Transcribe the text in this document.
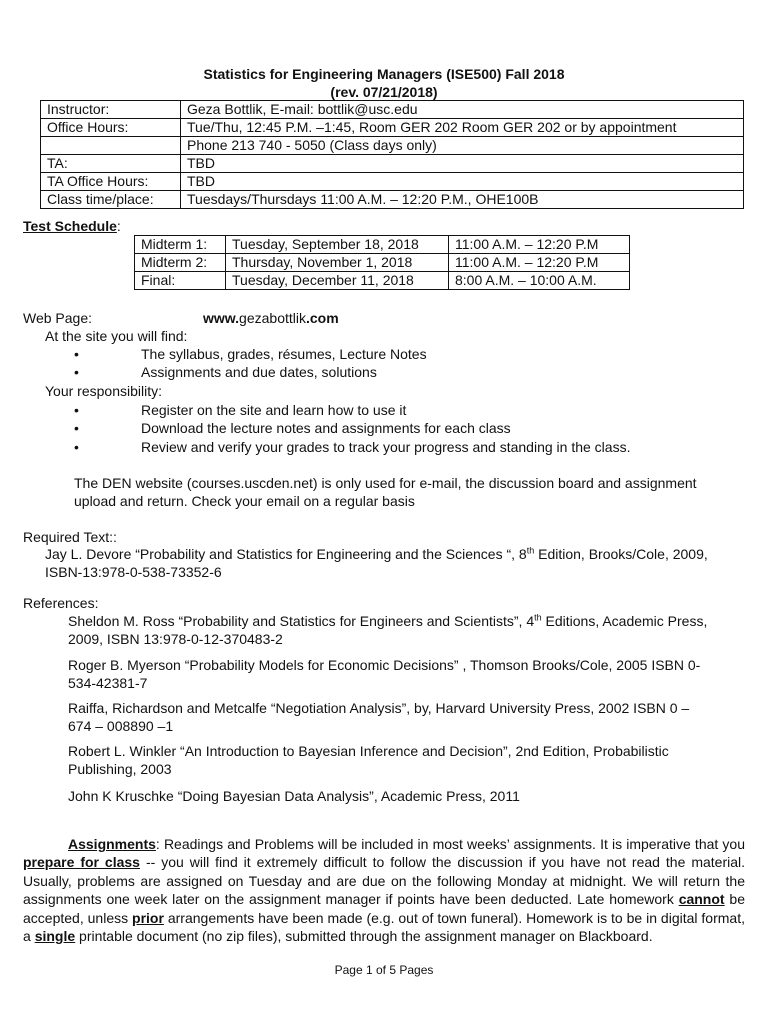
Statistics for Engineering Managers (ISE500) Fall 2018
(rev. 07/21/2018)
Instructor:	Geza Bottlik, E-mail: bottlik@usc.edu
Office Hours:	Tue/Thu, 12:45 P.M. –1:45, Room GER 202 Room GER 202 or by appointment
	Phone 213 740 - 5050 (Class days only)
TA:	TBD
TA Office Hours:	TBD
Class time/place:	Tuesdays/Thursdays 11:00 A.M. – 12:20 P.M., OHE100B
Test Schedule:
Midterm 1:	Tuesday, September 18, 2018	11:00 A.M. – 12:20 P.M
Midterm 2:	Thursday, November 1, 2018	11:00 A.M. – 12:20 P.M
Final:	Tuesday, December 11, 2018	8:00 A.M. – 10:00 A.M.
Web Page:	www.gezabottlik.com
At the site you will find:
•	The syllabus, grades, résumes, Lecture Notes
•	Assignments and due dates, solutions
Your responsibility:
•	Register on the site and learn how to use it
•	Download the lecture notes and assignments for each class
•	Review and verify your grades to track your progress and standing in the class.
The DEN website (courses.uscden.net) is only used for e-mail, the discussion board and assignment
upload and return. Check your email on a regular basis
Required Text::
Jay L. Devore “Probability and Statistics for Engineering and the Sciences “, 8th Edition, Brooks/Cole, 2009,
ISBN-13:978-0-538-73352-6
References:
Sheldon M. Ross “Probability and Statistics for Engineers and Scientists”, 4th Editions, Academic Press,
2009, ISBN 13:978-0-12-370483-2
Roger B. Myerson “Probability Models for Economic Decisions” , Thomson Brooks/Cole, 2005 ISBN 0-
534-42381-7
Raiffa, Richardson and Metcalfe “Negotiation Analysis”, by, Harvard University Press, 2002 ISBN 0 –
674 – 008890 –1
Robert L. Winkler “An Introduction to Bayesian Inference and Decision”, 2nd Edition, Probabilistic
Publishing, 2003
John K Kruschke “Doing Bayesian Data Analysis”, Academic Press, 2011
Assignments: Readings and Problems will be included in most weeks’ assignments. It is imperative that you prepare for class -- you will find it extremely difficult to follow the discussion if you have not read the material. Usually, problems are assigned on Tuesday and are due on the following Monday at midnight. We will return the assignments one week later on the assignment manager if points have been deducted. Late homework cannot be accepted, unless prior arrangements have been made (e.g. out of town funeral). Homework is to be in digital format, a single printable document (no zip files), submitted through the assignment manager on Blackboard.
Page 1 of 5 Pages
